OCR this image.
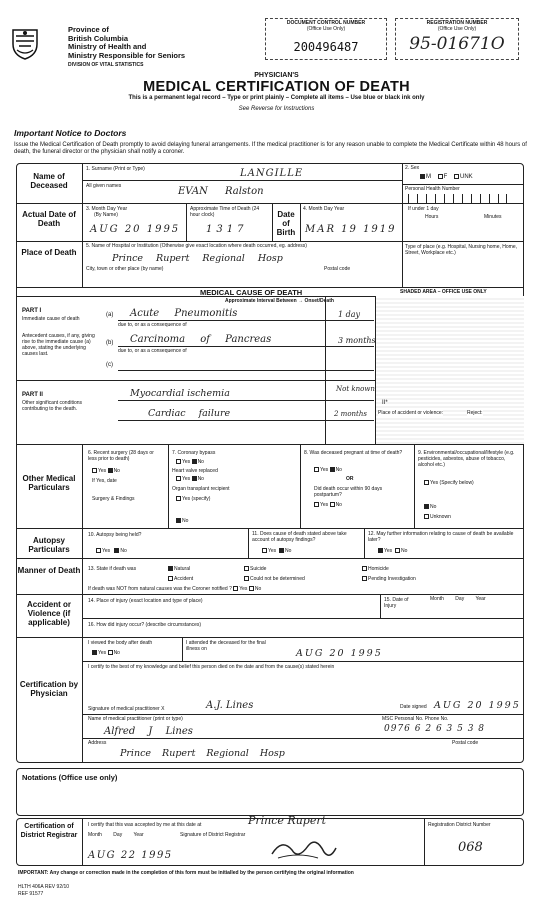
Province of
British Columbia
Ministry of Health and
Ministry Responsible for Seniors
DIVISION OF VITAL STATISTICS
DOCUMENT CONTROL NUMBER
(Office Use Only)
200496487
REGISTRATION NUMBER
(Office Use Only)
95-01671O
PHYSICIAN'S
MEDICAL CERTIFICATION OF DEATH
This is a permanent legal record – Type or print plainly – Complete all items – Use blue or black ink only
See Reverse for Instructions
Important Notice to Doctors
Issue the Medical Certification of Death promptly to avoid delaying funeral arrangements. If the medical practitioner is for any reason unable to complete the Medical Certificate within 48 hours of death, the funeral director or the physician shall notify a coroner.
Name of Deceased
1. Surname (Print or Type)	LANGILLE
All given names	EVAN Ralston
2. Sex
M F UNK
Personal Health Number
Actual Date of Death
3. Month Day Year
(By Name)
AUG 20 1995
Approximate Time of Death (24 hour clock)
1317
Date of Birth
4. Month Day Year
MAR 19 1919
If under 1 day
Hours	Minutes
Place of Death
5. Name of Hospital or Institution (Otherwise give exact location where death occurred, eg. address)
Prince Rupert Regional Hosp
City, town or other place (by name)	Postal code
Type of place (e.g. Hospital, Nursing home, Home, Street, Workplace etc.)
MEDICAL CAUSE OF DEATH	SHADED AREA – OFFICE USE ONLY
Approximate Interval Between → Onset/Death
PART I
Immediate cause of death
Antecedent causes, if any, giving rise to the immediate cause (a) above, stating the underlying causes last.
(a) Acute Pneumonitis	1 day
due to, or as a consequence of
(b) Carcinoma of Pancreas	3 months
due to, or as a consequence of
(c)
PART II
Other significant conditions contributing to the death.
Myocardial ischemia	Not known
Cardiac failure	2 months
II*
Place of accident or violence:	Reject:
Other Medical Particulars
6. Recent surgery (28 days or less prior to death)
Yes No
If Yes, date
Surgery & Findings
7. Coronary bypass
Yes No
Heart valve replaced
Yes No
Organ transplant recipient
Yes (specify)
No
8. Was deceased pregnant at time of death?
Yes No
OR
Did death occur within 90 days postpartum?
Yes No
9. Environmental/occupational/lifestyle (e.g. pesticides, asbestos, abuse of tobacco, alcohol etc.)
Yes (Specify below)
No
Unknown
Autopsy Particulars
10. Autopsy being held?
Yes No
11. Does cause of death stated above take account of autopsy findings?
Yes No
12. May further information relating to cause of death be available later?
Yes No
Manner of Death 13. State if death was	Natural
Accident
Suicide
Could not be determined
Homicide
Pending Investigation
If death was NOT from natural causes was the Coroner notified ? Yes No
Accident or Violence (if applicable)
14. Place of injury (exact location and type of place)	15. Date of Injury
Month Day Year
16. How did injury occur? (describe circumstances)
Certification by Physician
I viewed the body after death
Yes No
I attended the deceased for the final illness on	AUG 20 1995
I certify to the best of my knowledge and belief this person died on the date and from the cause(s) stated herein
Signature of medical practitioner X	A.J. Lines	Date signed AUG 20 1995
Name of medical practitioner (print or type)
Alfred J Lines
MSC Personal No. Phone No.
0976 6 2 6 3 5 3 8
Address
Prince Rupert Regional Hosp
Postal code
Notations (Office use only)
Certification of District Registrar
I certify that this was accepted by me at this date at	Prince Rupert
Month Day Year	Signature of District Registrar
AUG 22 1995
Registration District Number
068
IMPORTANT: Any change or correction made in the completion of this form must be initialled by the person certifying the original information
HLTH 406A REV 92/10
REF 91577
